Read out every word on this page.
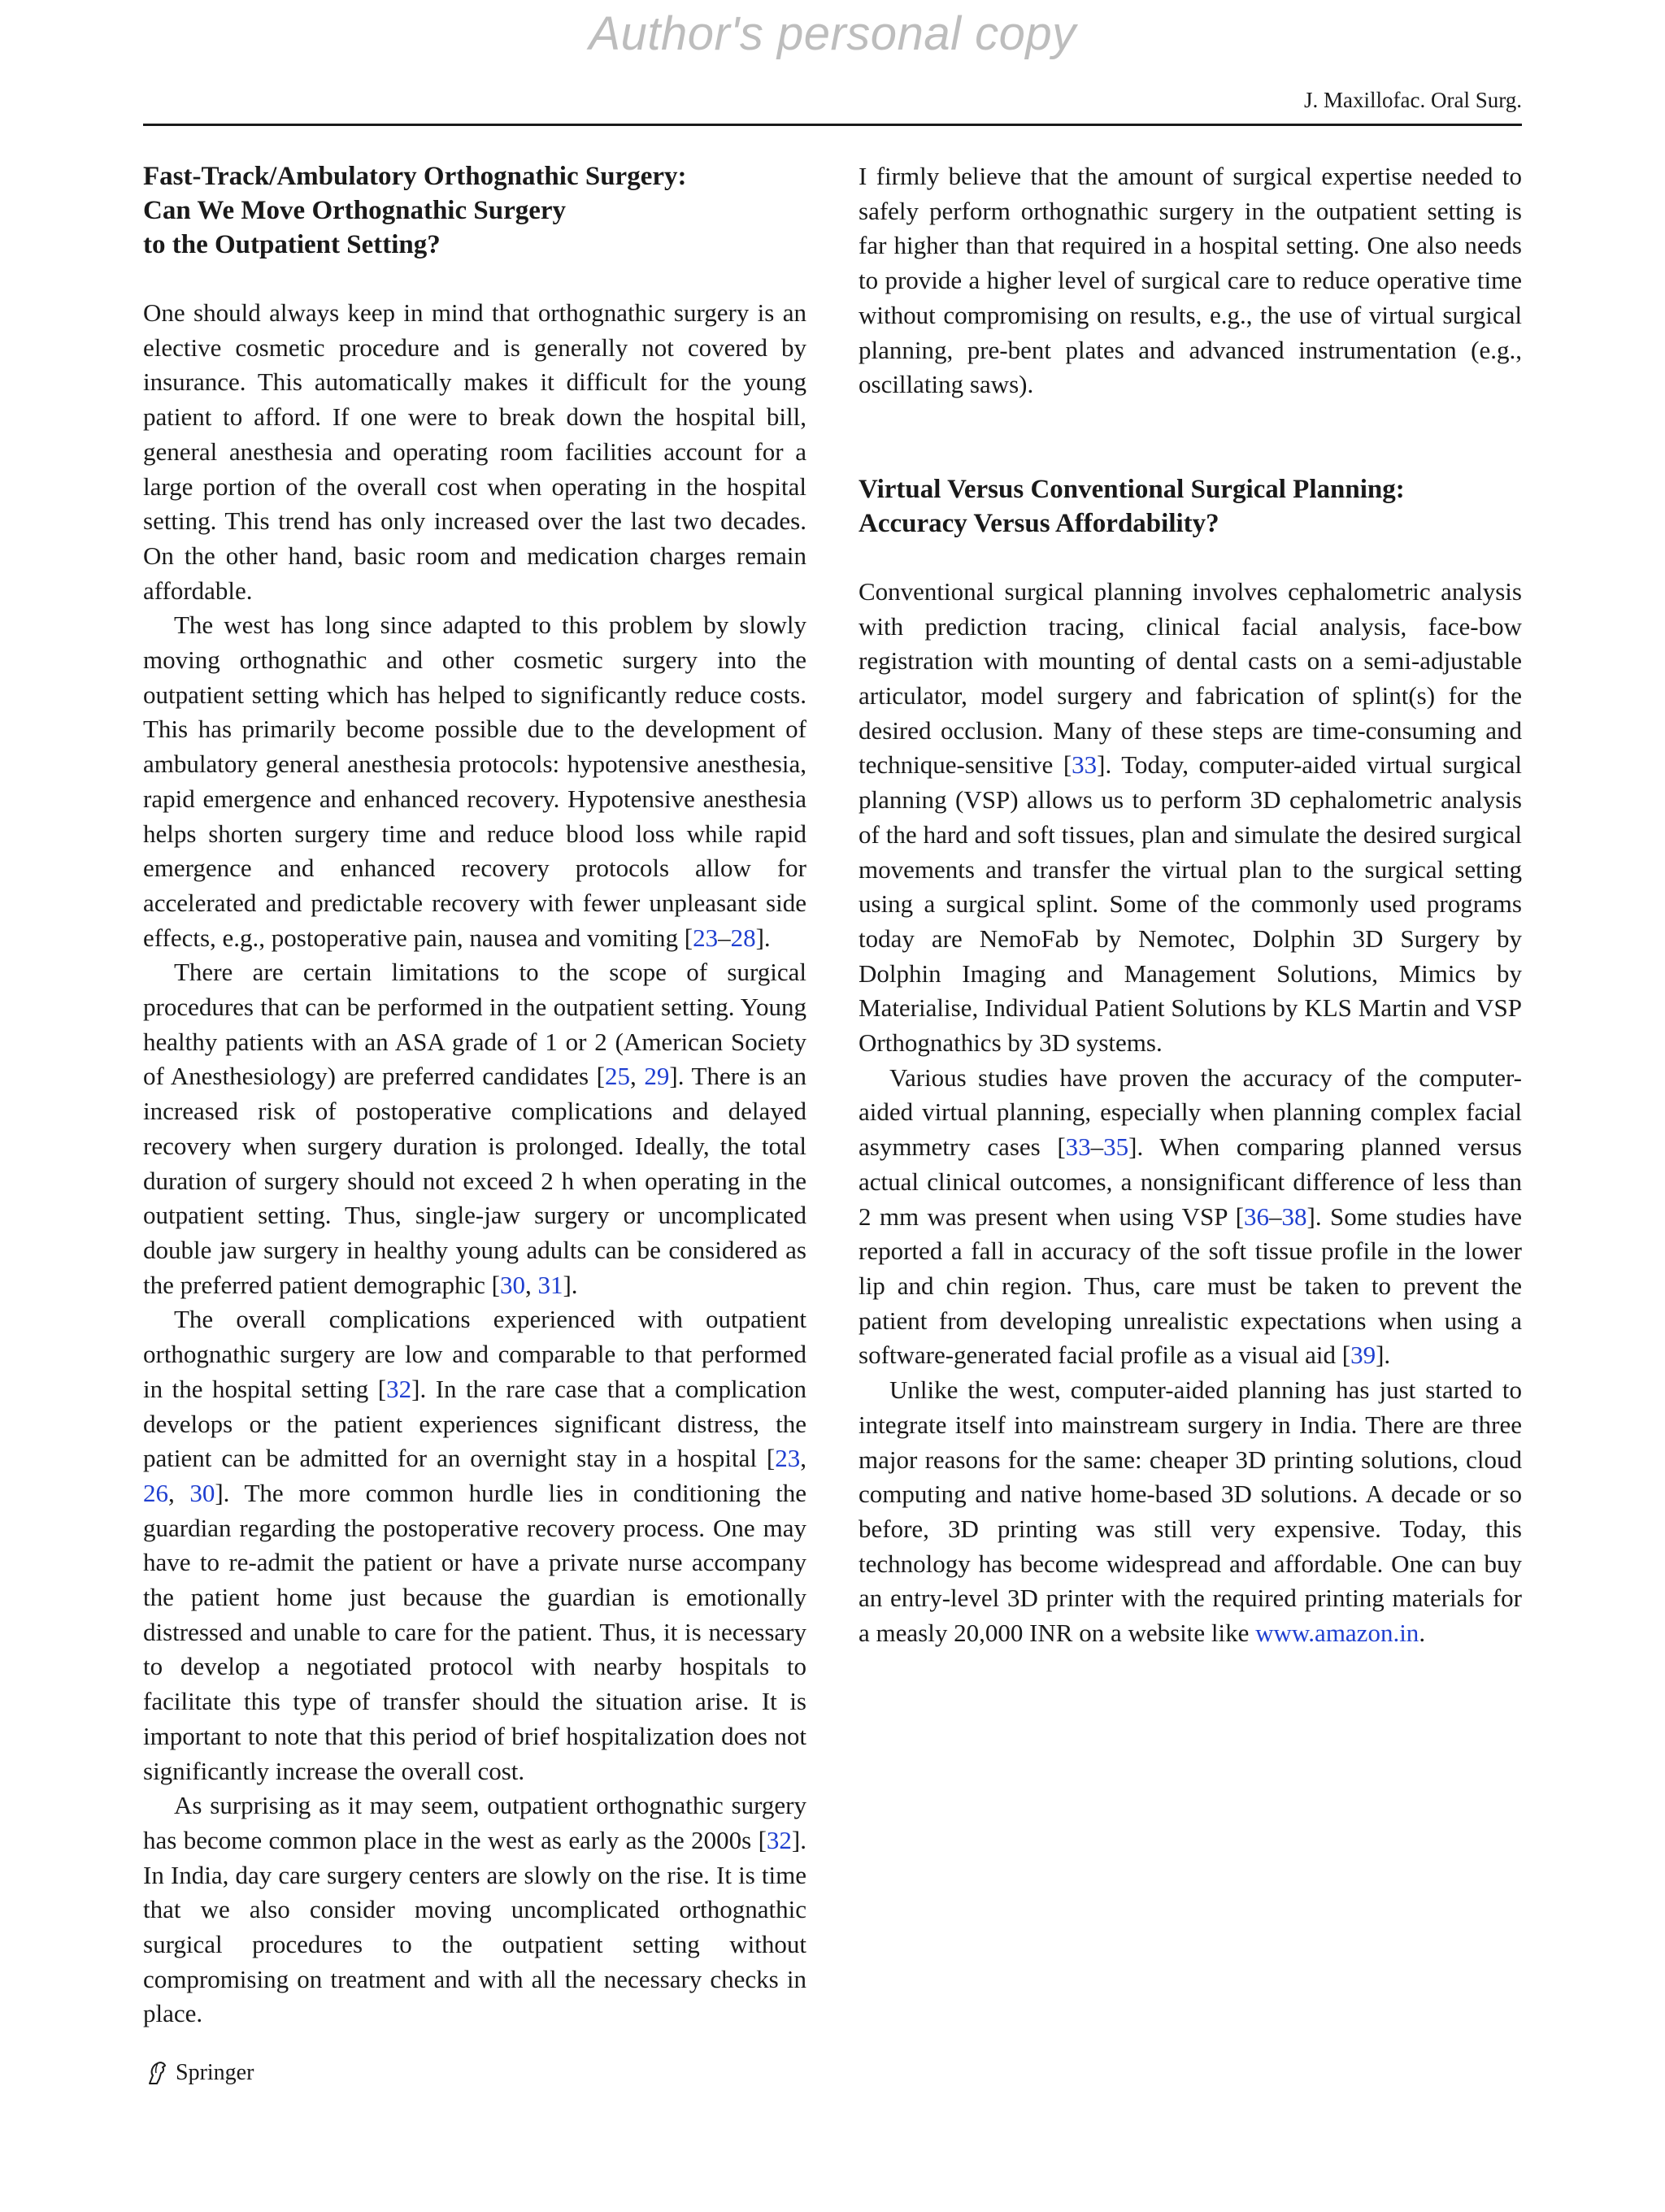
Author's personal copy
J. Maxillofac. Oral Surg.
Fast-Track/Ambulatory Orthognathic Surgery:
Can We Move Orthognathic Surgery
to the Outpatient Setting?

One should always keep in mind that orthognathic surgery is an elective cosmetic procedure and is generally not covered by insurance. This automatically makes it difficult for the young patient to afford. If one were to break down the hospital bill, general anesthesia and operating room facilities account for a large portion of the overall cost when operating in the hospital setting. This trend has only increased over the last two decades. On the other hand, basic room and medication charges remain affordable.

The west has long since adapted to this problem by slowly moving orthognathic and other cosmetic surgery into the outpatient setting which has helped to significantly reduce costs. This has primarily become possible due to the development of ambulatory general anesthesia protocols: hypotensive anesthesia, rapid emergence and enhanced recovery. Hypotensive anesthesia helps shorten surgery time and reduce blood loss while rapid emergence and enhanced recovery protocols allow for accelerated and predictable recovery with fewer unpleasant side effects, e.g., postoperative pain, nausea and vomiting [23–28].

There are certain limitations to the scope of surgical procedures that can be performed in the outpatient setting. Young healthy patients with an ASA grade of 1 or 2 (American Society of Anesthesiology) are preferred candidates [25, 29]. There is an increased risk of postoperative complications and delayed recovery when surgery duration is prolonged. Ideally, the total duration of surgery should not exceed 2 h when operating in the outpatient setting. Thus, single-jaw surgery or uncomplicated double jaw surgery in healthy young adults can be considered as the preferred patient demographic [30, 31].

The overall complications experienced with outpatient orthognathic surgery are low and comparable to that performed in the hospital setting [32]. In the rare case that a complication develops or the patient experiences significant distress, the patient can be admitted for an overnight stay in a hospital [23, 26, 30]. The more common hurdle lies in conditioning the guardian regarding the postoperative recovery process. One may have to re-admit the patient or have a private nurse accompany the patient home just because the guardian is emotionally distressed and unable to care for the patient. Thus, it is necessary to develop a negotiated protocol with nearby hospitals to facilitate this type of transfer should the situation arise. It is important to note that this period of brief hospitalization does not significantly increase the overall cost.

As surprising as it may seem, outpatient orthognathic surgery has become common place in the west as early as the 2000s [32]. In India, day care surgery centers are slowly on the rise. It is time that we also consider moving uncomplicated orthognathic surgical procedures to the outpatient setting without compromising on treatment and with all the necessary checks in place.

I firmly believe that the amount of surgical expertise needed to safely perform orthognathic surgery in the outpatient setting is far higher than that required in a hospital setting. One also needs to provide a higher level of surgical care to reduce operative time without compromising on results, e.g., the use of virtual surgical planning, pre-bent plates and advanced instrumentation (e.g., oscillating saws).

Virtual Versus Conventional Surgical Planning:
Accuracy Versus Affordability?

Conventional surgical planning involves cephalometric analysis with prediction tracing, clinical facial analysis, face-bow registration with mounting of dental casts on a semi-adjustable articulator, model surgery and fabrication of splint(s) for the desired occlusion. Many of these steps are time-consuming and technique-sensitive [33]. Today, computer-aided virtual surgical planning (VSP) allows us to perform 3D cephalometric analysis of the hard and soft tissues, plan and simulate the desired surgical movements and transfer the virtual plan to the surgical setting using a surgical splint. Some of the commonly used programs today are NemoFab by Nemotec, Dolphin 3D Surgery by Dolphin Imaging and Management Solutions, Mimics by Materialise, Individual Patient Solutions by KLS Martin and VSP Orthognathics by 3D systems.

Various studies have proven the accuracy of the computer-aided virtual planning, especially when planning complex facial asymmetry cases [33–35]. When comparing planned versus actual clinical outcomes, a nonsignificant difference of less than 2 mm was present when using VSP [36–38]. Some studies have reported a fall in accuracy of the soft tissue profile in the lower lip and chin region. Thus, care must be taken to prevent the patient from developing unrealistic expectations when using a software-generated facial profile as a visual aid [39].

Unlike the west, computer-aided planning has just started to integrate itself into mainstream surgery in India. There are three major reasons for the same: cheaper 3D printing solutions, cloud computing and native home-based 3D solutions. A decade or so before, 3D printing was still very expensive. Today, this technology has become widespread and affordable. One can buy an entry-level 3D printer with the required printing materials for a measly 20,000 INR on a website like www.amazon.in.

Springer
